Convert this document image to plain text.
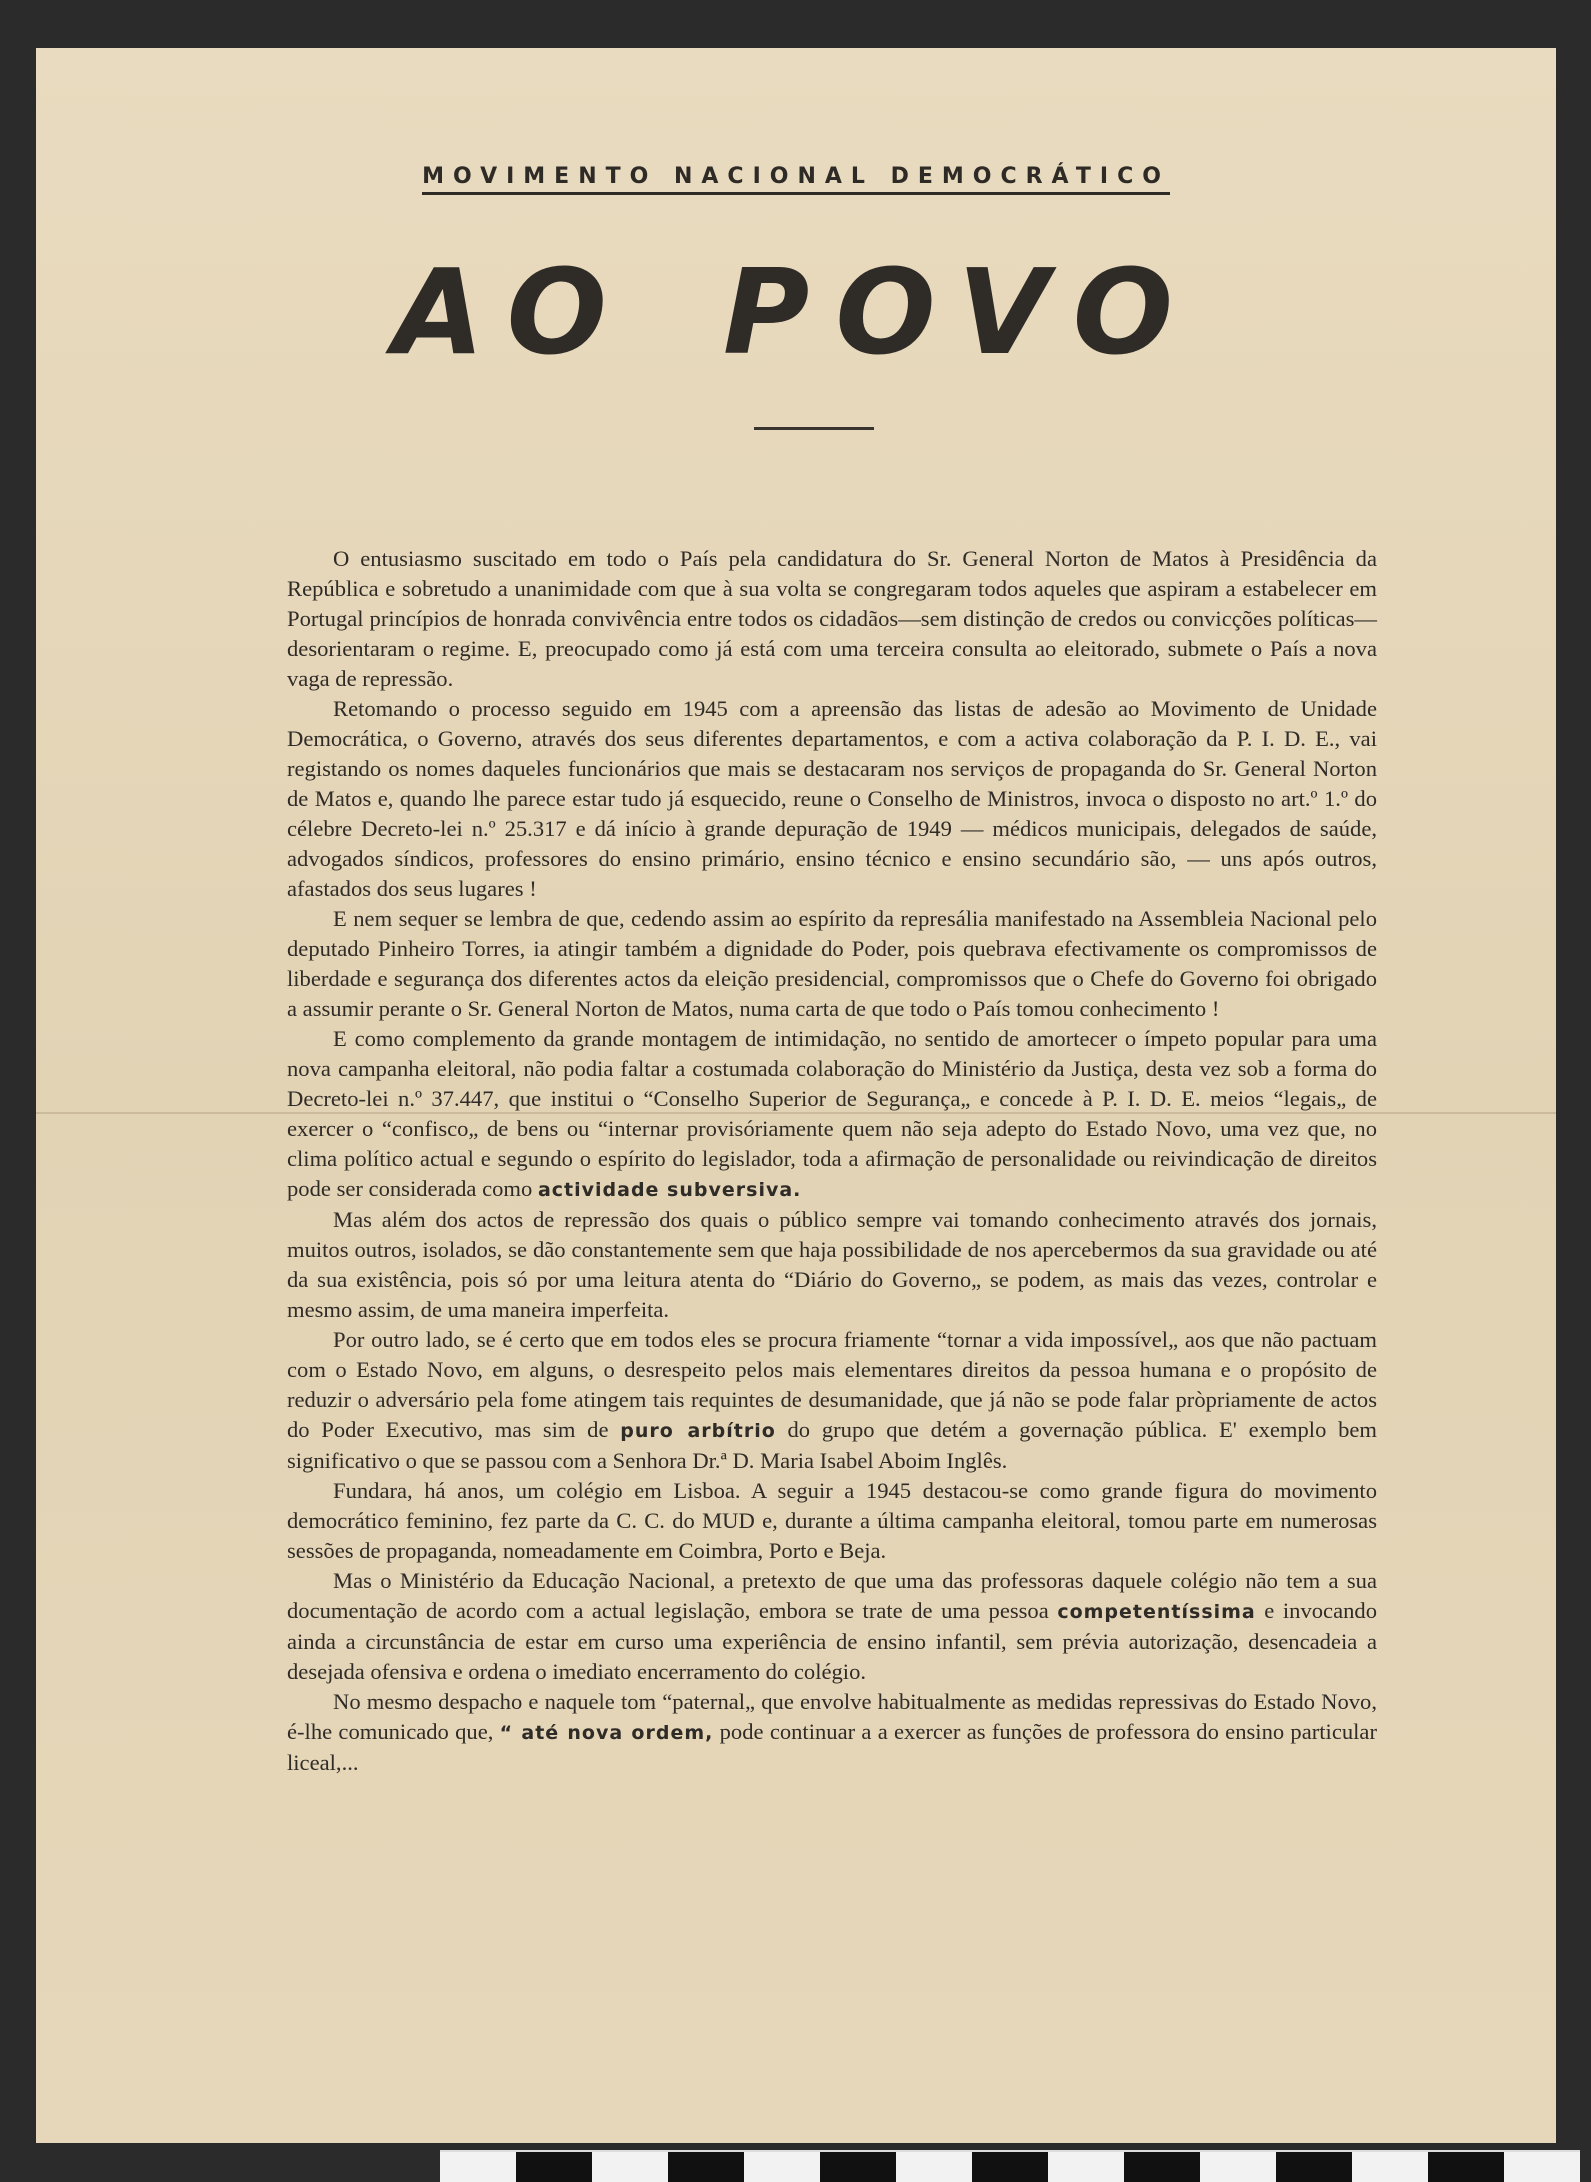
MOVIMENTO NACIONAL DEMOCRÁTICO
AO POVO

O entusiasmo suscitado em todo o País pela candidatura do Sr. General Norton de Matos à Presidência da República e sobretudo a unanimidade com que à sua volta se congregaram todos aqueles que aspiram a estabelecer em Portugal princípios de honrada convivência entre todos os cidadãos—sem distinção de credos ou convicções políticas—desorientaram o regime. E, preocupado como já está com uma terceira consulta ao eleitorado, submete o País a nova vaga de repressão.

Retomando o processo seguido em 1945 com a apreensão das listas de adesão ao Movimento de Unidade Democrática, o Governo, através dos seus diferentes departamentos, e com a activa colaboração da P. I. D. E., vai registando os nomes daqueles funcionários que mais se destacaram nos serviços de propaganda do Sr. General Norton de Matos e, quando lhe parece estar tudo já esquecido, reune o Conselho de Ministros, invoca o disposto no art.º 1.º do célebre Decreto-lei n.º 25.317 e dá início à grande depuração de 1949 — médicos municipais, delegados de saúde, advogados síndicos, professores do ensino primário, ensino técnico e ensino secundário são, — uns após outros, afastados dos seus lugares !

E nem sequer se lembra de que, cedendo assim ao espírito da represália manifestado na Assembleia Nacional pelo deputado Pinheiro Torres, ia atingir também a dignidade do Poder, pois quebrava efectivamente os compromissos de liberdade e segurança dos diferentes actos da eleição presidencial, compromissos que o Chefe do Governo foi obrigado a assumir perante o Sr. General Norton de Matos, numa carta de que todo o País tomou conhecimento !

E como complemento da grande montagem de intimidação, no sentido de amortecer o ímpeto popular para uma nova campanha eleitoral, não podia faltar a costumada colaboração do Ministério da Justiça, desta vez sob a forma do Decreto-lei n.º 37.447, que institui o “Conselho Superior de Segurança„ e concede à P. I. D. E. meios “legais„ de exercer o “confisco„ de bens ou “internar provisóriamente quem não seja adepto do Estado Novo, uma vez que, no clima político actual e segundo o espírito do legislador, toda a afirmação de personalidade ou reivindicação de direitos pode ser considerada como actividade subversiva.

Mas além dos actos de repressão dos quais o público sempre vai tomando conhecimento através dos jornais, muitos outros, isolados, se dão constantemente sem que haja possibilidade de nos apercebermos da sua gravidade ou até da sua existência, pois só por uma leitura atenta do “Diário do Governo„ se podem, as mais das vezes, controlar e mesmo assim, de uma maneira imperfeita.

Por outro lado, se é certo que em todos eles se procura friamente “tornar a vida impossível„ aos que não pactuam com o Estado Novo, em alguns, o desrespeito pelos mais elementares direitos da pessoa humana e o propósito de reduzir o adversário pela fome atingem tais requintes de desumanidade, que já não se pode falar pròpriamente de actos do Poder Executivo, mas sim de puro arbítrio do grupo que detém a governação pública. E' exemplo bem significativo o que se passou com a Senhora Dr.ª D. Maria Isabel Aboim Inglês.

Fundara, há anos, um colégio em Lisboa. A seguir a 1945 destacou-se como grande figura do movimento democrático feminino, fez parte da C. C. do MUD e, durante a última campanha eleitoral, tomou parte em numerosas sessões de propaganda, nomeadamente em Coimbra, Porto e Beja.

Mas o Ministério da Educação Nacional, a pretexto de que uma das professoras daquele colégio não tem a sua documentação de acordo com a actual legislação, embora se trate de uma pessoa competentíssima e invocando ainda a circunstância de estar em curso uma experiência de ensino infantil, sem prévia autorização, desencadeia a desejada ofensiva e ordena o imediato encerramento do colégio.

No mesmo despacho e naquele tom “paternal„ que envolve habitualmente as medidas repressivas do Estado Novo, é-lhe comunicado que, “ até nova ordem, pode continuar a a exercer as funções de professora do ensino particular liceal,...
